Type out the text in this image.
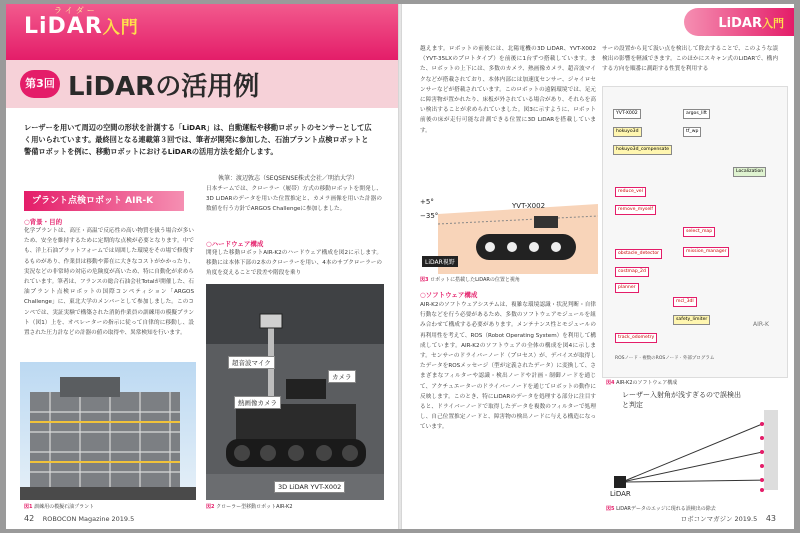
ライダー
LiDAR入門
第3回 LiDARの活用例
レーザーを用いて周辺の空間の形状を計測する「LiDAR」は、自動運転や移動ロボットのセンサーとして広く用いられています。最終回となる連載第３回では、筆者が開発に参加した、石油プラント点検ロボットと警備ロボットを例に、移動ロボットにおけるLiDARの活用方法を紹介します。
執筆：渡辺敦志（SEQSENSE株式会社／明治大学）
プラント点検ロボット AIR-K
○背景・目的
化学プラントは、高圧・高温で反応性の高い物質を扱う場合が多いため、安全を維持するために定期的な点検が必要となります。中でも、洋上石油プラットフォームでは周囲した環境をその場で修復するものがあり、作業員は移動や滞在に大きなコストがかかったり、実況などの非常時の対応の危険度が高いため、特に自動化が求められています。筆者は、フランスの総合石油会社Totalが開催した、石油プラント点検ロボットの国際コンペティション「ARGOS Challenge」に、東北大学のメンバーとして参加しました。このコンペでは、実証実験で構築された消防作業員の訓練用の模擬プラント（図1）上を、オペレーターの指示に従って自律的に移動し、設置された圧力計などの計器の値の取得や、異常検知を行います。
日本チームでは、クローラー（履帯）方式の移動ロボットを開発し、3D LiDARのデータを用いた位置推定と、カメラ画像を用いた計器の数値を行う方針でARGOS Challengeに参加しました。
○ハードウェア構成
開発した移動ロボットAIR-K2のハードウェア構成を図2に示します。移動には本体下部の2本のクローラーを用い、4本のサブクローラーの角度を変えることで段差や階段を乗り
図1 訓練用の模擬石油プラント
超音波マイク
カメラ
熱画像カメラ
3D LiDAR YVT-X002
図2 クローラー型移動ロボットAIR-K2
42 ROBOCON Magazine 2019.5
LiDAR入門
越えます。ロボットの前後には、北陽電機の3D LiDAR、YVT-X002（YVT-35LXのプロトタイプ）を前後に1台ずつ搭載しています。また、ロボットの上下には、多数のカメラ、熱画像カメラ、超音波マイクなどが搭載されており、本体内部には加速度センサー、ジャイロセンサーなどが搭載されています。このロボットの遠隔環境では、足元に障害物が置かれたり、床板が外されている場合があり、それらを高い検出することが求められていました。図3に示すように、ロボット前後の床が走行可能な計測できる位置に3D LiDARを搭載しています。
+5°
−35°
YVT-X002
LiDAR視野
図3 ロボットに搭載したLiDARの位置と視角
○ソフトウェア構成
AIR-K2のソフトウェアシステムは、複雑な環境認識・状況判断・自律行動などを行う必要があるため、多数のソフトウェアモジュールを組み合わせて構成する必要があります。メンテナンス性とモジュールの再利用性を考えて、ROS（Robot Operating System）を利用して構成しています。AIR-K2のソフトウェアの全体の構成を図4に示します。センサーのドライバーノード（プロセス）が、デバイスが取得したデータをROSメッセージ（型が定義されたデータ）に変換して、さまざまなフィルターや認識・検出ノードや計画・制御ノードを通じて、アクチュエーターのドライバーノードを通じてロボットの動作に反映します。このとき、特にLiDARのデータを処理する部分に注目すると、ドライバーノードで取得したデータを複数のフィルターで処理し、自己位置推定ノードと、障害物の検出ノードに与える構造になっています。
サーの設置から見て汲い点を検出して除去することで、このような誤検出の影響を軽減できます。このほかにスキャン式のLiDARで、構内する方向を順番に測距する性質を利用する
YVT-X002
hokuyo3d
hokuyo3d_compensate
reduce_vel
remove_myself
select_map
obstacle_detector
mcl_3dl
safety_limiter
track_odometry
argos_lift
tf_wp
Localization
costmap_2d
planner
mission_manager
AIR-K
ROSノード · 複数のROSノード · 外部プログラム
図4 AIR-K2のソフトウェア構成
レーザー入射角が浅すぎるので誤検出と判定
LiDAR
図5 LiDARデータのエッジに現れる誤検出の除去
ロボコンマガジン 2019.5 43
